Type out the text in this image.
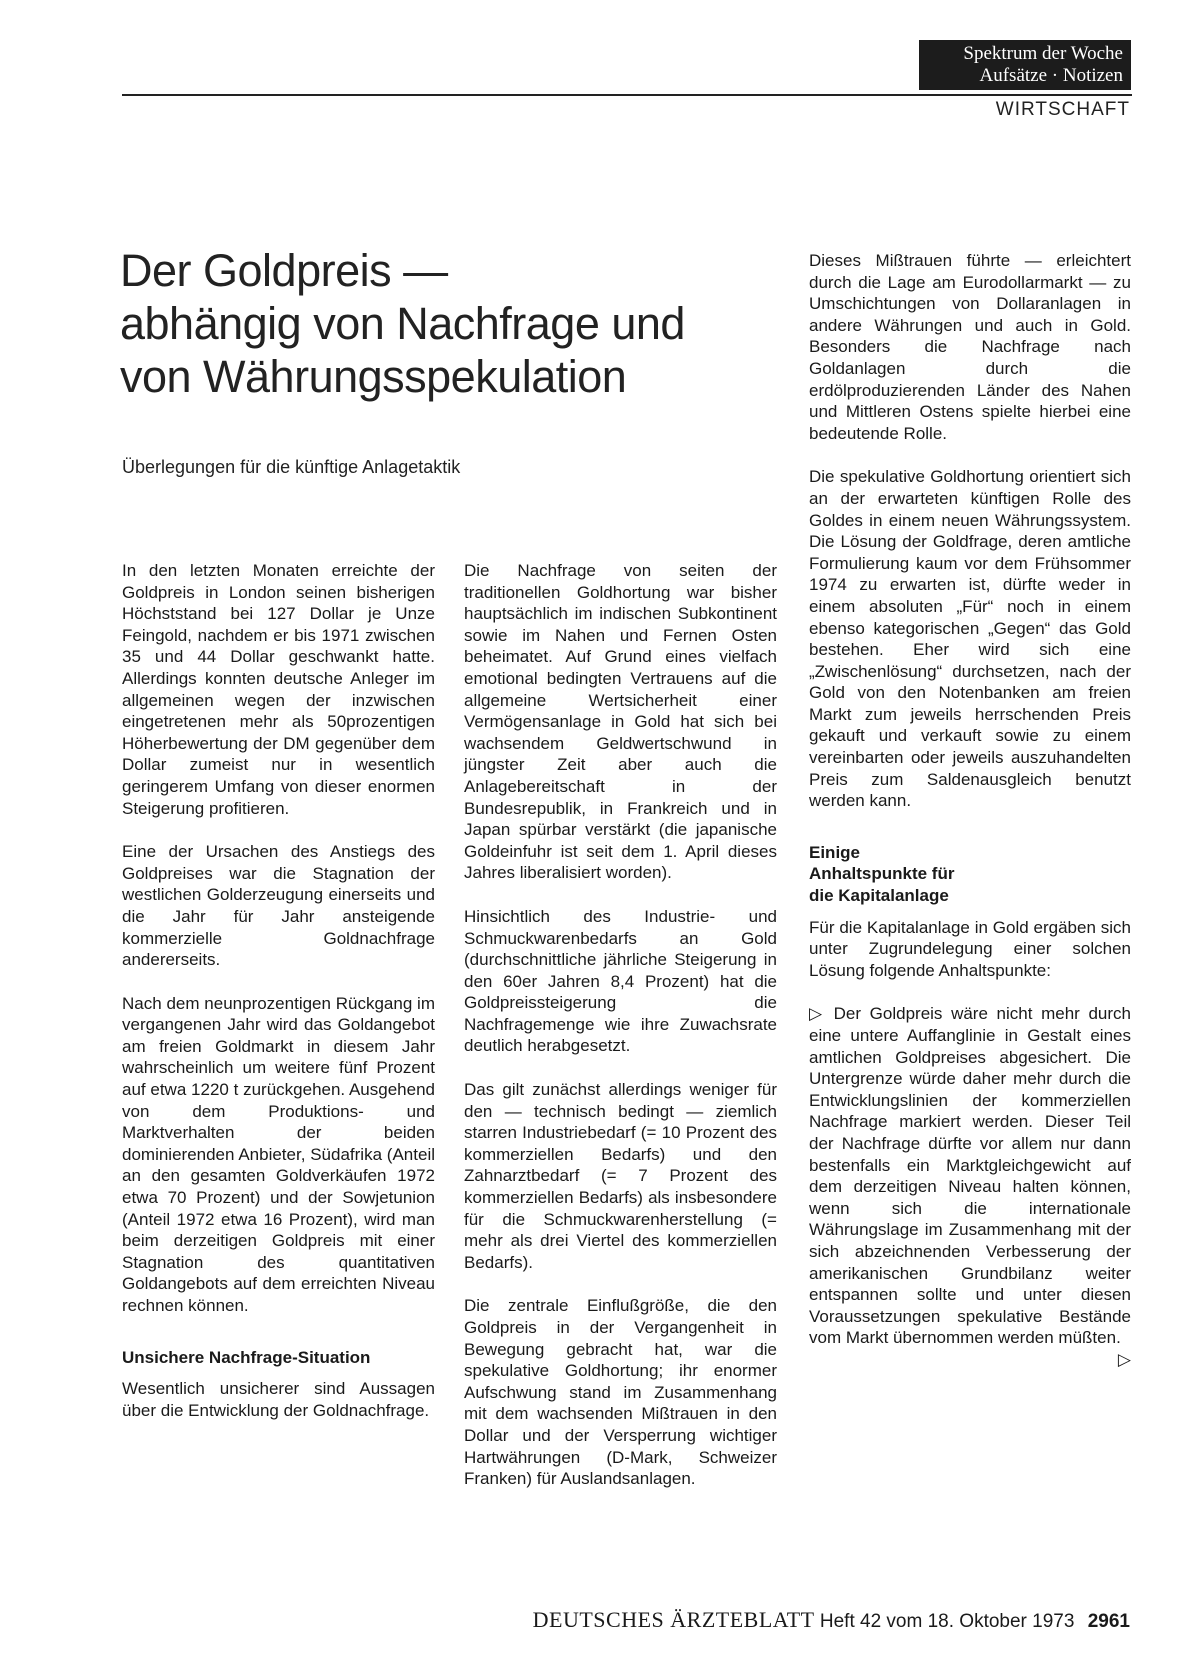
Spektrum der Woche
Aufsätze · Notizen
WIRTSCHAFT
Der Goldpreis —
abhängig von Nachfrage und
von Währungsspekulation
Überlegungen für die künftige Anlagetaktik

In den letzten Monaten erreichte der Goldpreis in London seinen bisherigen Höchststand bei 127 Dollar je Unze Feingold, nachdem er bis 1971 zwischen 35 und 44 Dollar geschwankt hatte. Allerdings konnten deutsche Anleger im allgemeinen wegen der inzwischen eingetretenen mehr als 50prozentigen Höherbewertung der DM gegenüber dem Dollar zumeist nur in wesentlich geringerem Umfang von dieser enormen Steigerung profitieren.

Eine der Ursachen des Anstiegs des Goldpreises war die Stagnation der westlichen Golderzeugung einerseits und die Jahr für Jahr ansteigende kommerzielle Goldnachfrage andererseits.

Nach dem neunprozentigen Rückgang im vergangenen Jahr wird das Goldangebot am freien Goldmarkt in diesem Jahr wahrscheinlich um weitere fünf Prozent auf etwa 1220 t zurückgehen. Ausgehend von dem Produktions- und Marktverhalten der beiden dominierenden Anbieter, Südafrika (Anteil an den gesamten Goldverkäufen 1972 etwa 70 Prozent) und der Sowjetunion (Anteil 1972 etwa 16 Prozent), wird man beim derzeitigen Goldpreis mit einer Stagnation des quantitativen Goldangebots auf dem erreichten Niveau rechnen können.

Unsichere Nachfrage-Situation

Wesentlich unsicherer sind Aussagen über die Entwicklung der Goldnachfrage.

Die Nachfrage von seiten der traditionellen Goldhortung war bisher hauptsächlich im indischen Subkontinent sowie im Nahen und Fernen Osten beheimatet. Auf Grund eines vielfach emotional bedingten Vertrauens auf die allgemeine Wertsicherheit einer Vermögensanlage in Gold hat sich bei wachsendem Geldwertschwund in jüngster Zeit aber auch die Anlagebereitschaft in der Bundesrepublik, in Frankreich und in Japan spürbar verstärkt (die japanische Goldeinfuhr ist seit dem 1. April dieses Jahres liberalisiert worden).

Hinsichtlich des Industrie- und Schmuckwarenbedarfs an Gold (durchschnittliche jährliche Steigerung in den 60er Jahren 8,4 Prozent) hat die Goldpreissteigerung die Nachfragemenge wie ihre Zuwachsrate deutlich herabgesetzt.

Das gilt zunächst allerdings weniger für den — technisch bedingt — ziemlich starren Industriebedarf (= 10 Prozent des kommerziellen Bedarfs) und den Zahnarztbedarf (= 7 Prozent des kommerziellen Bedarfs) als insbesondere für die Schmuckwarenherstellung (= mehr als drei Viertel des kommerziellen Bedarfs).

Die zentrale Einflußgröße, die den Goldpreis in der Vergangenheit in Bewegung gebracht hat, war die spekulative Goldhortung; ihr enormer Aufschwung stand im Zusammenhang mit dem wachsenden Mißtrauen in den Dollar und der Versperrung wichtiger Hartwährungen (D-Mark, Schweizer Franken) für Auslandsanlagen.

Dieses Mißtrauen führte — erleichtert durch die Lage am Eurodollarmarkt — zu Umschichtungen von Dollaranlagen in andere Währungen und auch in Gold. Besonders die Nachfrage nach Goldanlagen durch die erdölproduzierenden Länder des Nahen und Mittleren Ostens spielte hierbei eine bedeutende Rolle.

Die spekulative Goldhortung orientiert sich an der erwarteten künftigen Rolle des Goldes in einem neuen Währungssystem. Die Lösung der Goldfrage, deren amtliche Formulierung kaum vor dem Frühsommer 1974 zu erwarten ist, dürfte weder in einem absoluten „Für“ noch in einem ebenso kategorischen „Gegen“ das Gold bestehen. Eher wird sich eine „Zwischenlösung“ durchsetzen, nach der Gold von den Notenbanken am freien Markt zum jeweils herrschenden Preis gekauft und verkauft sowie zu einem vereinbarten oder jeweils auszuhandelten Preis zum Saldenausgleich benutzt werden kann.

Einige
Anhaltspunkte für
die Kapitalanlage

Für die Kapitalanlage in Gold ergäben sich unter Zugrundelegung einer solchen Lösung folgende Anhaltspunkte:

▷ Der Goldpreis wäre nicht mehr durch eine untere Auffanglinie in Gestalt eines amtlichen Goldpreises abgesichert. Die Untergrenze würde daher mehr durch die Entwicklungslinien der kommerziellen Nachfrage markiert werden. Dieser Teil der Nachfrage dürfte vor allem nur dann bestenfalls ein Marktgleichgewicht auf dem derzeitigen Niveau halten können, wenn sich die internationale Währungslage im Zusammenhang mit der sich abzeichnenden Verbesserung der amerikanischen Grundbilanz weiter entspannen sollte und unter diesen Voraussetzungen spekulative Bestände vom Markt übernommen werden müßten.
▷

DEUTSCHES ÄRZTEBLATT Heft 42 vom 18. Oktober 1973 2961
